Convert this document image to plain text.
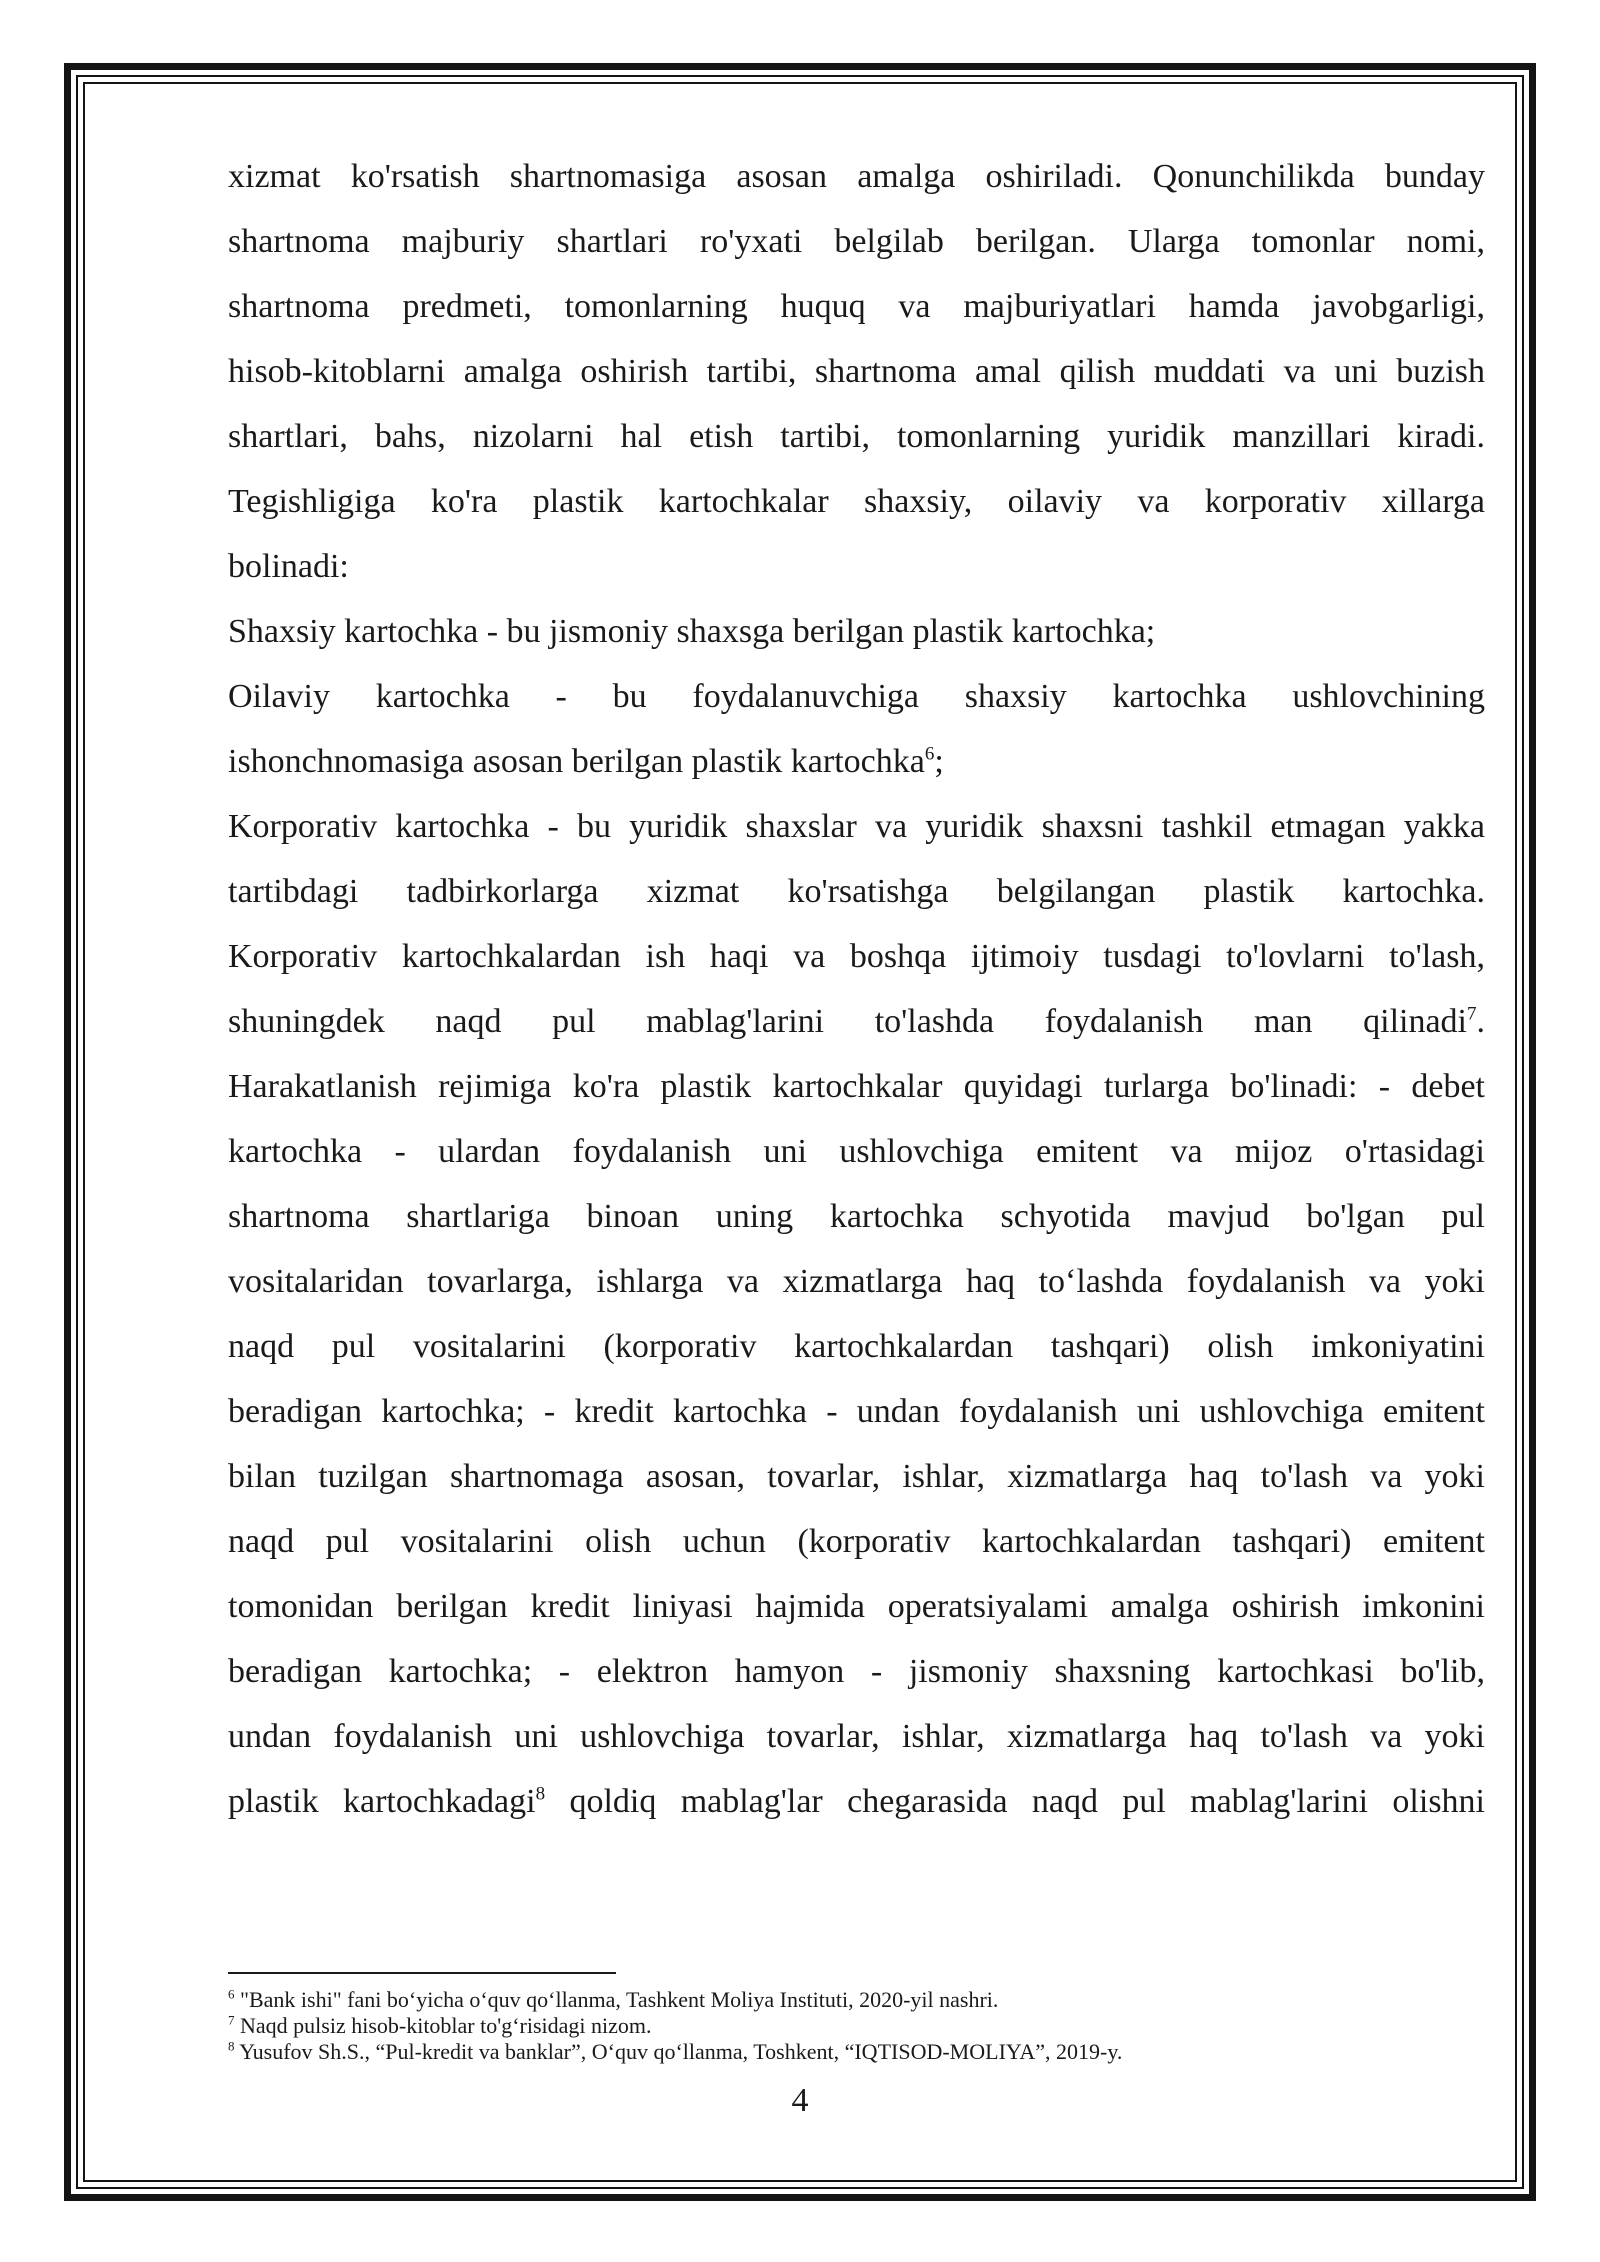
xizmat ko'rsatish shartnomasiga asosan amalga oshiriladi. Qonunchilikda bunday
shartnoma majburiy shartlari ro'yxati belgilab berilgan. Ularga tomonlar nomi,
shartnoma predmeti, tomonlarning huquq va majburiyatlari hamda javobgarligi,
hisob-kitoblarni amalga oshirish tartibi, shartnoma amal qilish muddati va uni buzish
shartlari, bahs, nizolarni hal etish tartibi, tomonlarning yuridik manzillari kiradi.
Tegishligiga ko'ra plastik kartochkalar shaxsiy, oilaviy va korporativ xillarga
bolinadi:
Shaxsiy kartochka - bu jismoniy shaxsga berilgan plastik kartochka;
Oilaviy kartochka - bu foydalanuvchiga shaxsiy kartochka ushlovchining
ishonchnomasiga asosan berilgan plastik kartochka$^6$;
Korporativ kartochka - bu yuridik shaxslar va yuridik shaxsni tashkil etmagan yakka
tartibdagi tadbirkorlarga xizmat ko'rsatishga belgilangan plastik kartochka.
Korporativ kartochkalardan ish haqi va boshqa ijtimoiy tusdagi to'lovlarni to'lash,
shuningdek naqd pul mablag'larini to'lashda foydalanish man qilinadi$^7$.
Harakatlanish rejimiga ko'ra plastik kartochkalar quyidagi turlarga bo'linadi: - debet
kartochka - ulardan foydalanish uni ushlovchiga emitent va mijoz o'rtasidagi
shartnoma shartlariga binoan uning kartochka schyotida mavjud bo'lgan pul
vositalaridan tovarlarga, ishlarga va xizmatlarga haq to‘lashda foydalanish va yoki
naqd pul vositalarini (korporativ kartochkalardan tashqari) olish imkoniyatini
beradigan kartochka; - kredit kartochka - undan foydalanish uni ushlovchiga emitent
bilan tuzilgan shartnomaga asosan, tovarlar, ishlar, xizmatlarga haq to'lash va yoki
naqd pul vositalarini olish uchun (korporativ kartochkalardan tashqari) emitent
tomonidan berilgan kredit liniyasi hajmida operatsiyalami amalga oshirish imkonini
beradigan kartochka; - elektron hamyon - jismoniy shaxsning kartochkasi bo'lib,
undan foydalanish uni ushlovchiga tovarlar, ishlar, xizmatlarga haq to'lash va yoki
plastik kartochkadagi$^8$ qoldiq mablag'lar chegarasida naqd pul mablag'larini olishni
$^6$ "Bank ishi" fani bo‘yicha o‘quv qo‘llanma, Tashkent Moliya Instituti, 2020-yil nashri.
$^7$ Naqd pulsiz hisob-kitoblar to'g‘risidagi nizom.
$^8$ Yusufov Sh.S., “Pul-kredit va banklar”, O‘quv qo‘llanma, Toshkent, “IQTISOD-MOLIYA”, 2019-y.
4
